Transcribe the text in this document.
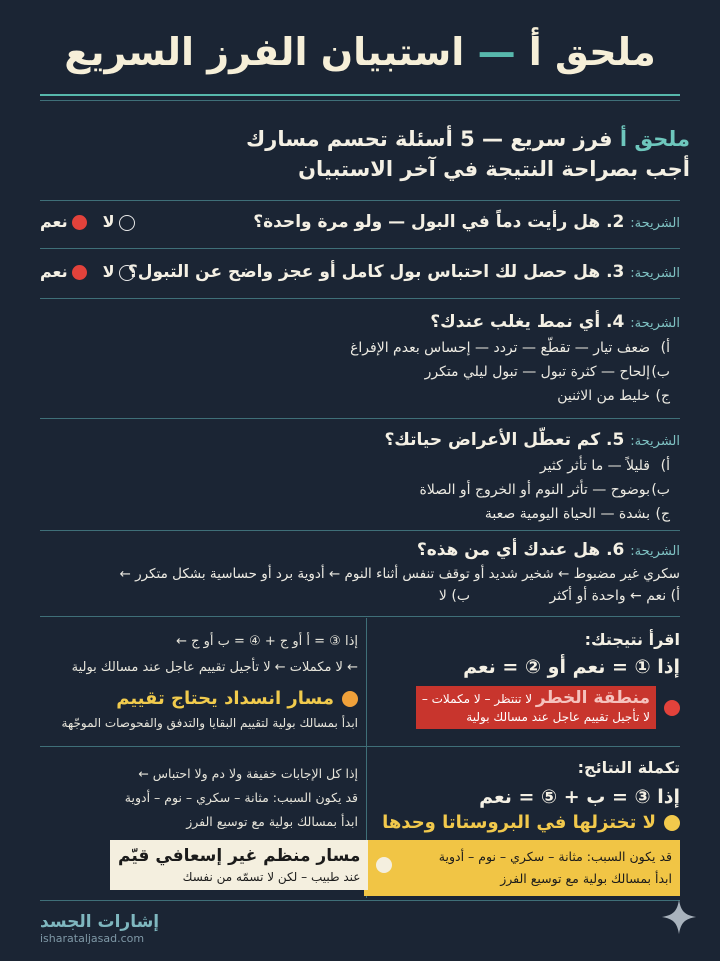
ملحق أ — استبيان الفرز السريع
ملحق أ فرز سريع — 5 أسئلة تحسم مسارك
أجب بصراحة النتيجة في آخر الاستبيان
الشريحة: 2. هل رأيت دماً في البول — ولو مرة واحدة؟
لا
نعم
الشريحة: 3. هل حصل لك احتباس بول كامل أو عجز واضح عن التبول؟
لا
نعم
الشريحة: 4. أي نمط يغلب عندك؟
أ)ضعف تيار — تقطّع — تردد — إحساس بعدم الإفراغ
ب)إلحاح — كثرة تبول — تبول ليلي متكرر
ج)خليط من الاثنين
الشريحة: 5. كم تعطّل الأعراض حياتك؟
أ)قليلاً — ما تأثر كثير
ب)بوضوح — تأثر النوم أو الخروج أو الصلاة
ج)بشدة — الحياة اليومية صعبة
الشريحة: 6. هل عندك أي من هذه؟
سكري غير مضبوط ← شخير شديد أو توقف تنفس أثناء النوم ← أدوية برد أو حساسية بشكل متكرر ←
أ) نعم ← واحدة أو أكثر
ب) لا
اقرأ نتيجتك:
إذا ① = نعم أو ② = نعم
منطقة الخطر لا تنتظر – لا مكملات –
لا تأجيل تقييم عاجل عند مسالك بولية
إذا ③ = أ أو ج + ④ = ب أو ج ←
← لا مكملات ← لا تأجيل تقييم عاجل عند مسالك بولية
مسار انسداد يحتاج تقييم
ابدأ بمسالك بولية لتقييم البقايا والتدفق والفحوصات الموجّهة
تكملة النتائج:
إذا ③ = ب + ⑤ = نعم
لا تختزلها في البروستاتا وحدها
قد يكون السبب: مثانة – سكري – نوم – أدوية
ابدأ بمسالك بولية مع توسيع الفرز
إذا كل الإجابات خفيفة ولا دم ولا احتباس ←
قد يكون السبب: مثانة – سكري – نوم – أدوية
ابدأ بمسالك بولية مع توسيع الفرز
مسار منظم غير إسعافي قيّم
عند طبيب – لكن لا تسمّه من نفسك
إشارات الجسد
isharataljasad.com
